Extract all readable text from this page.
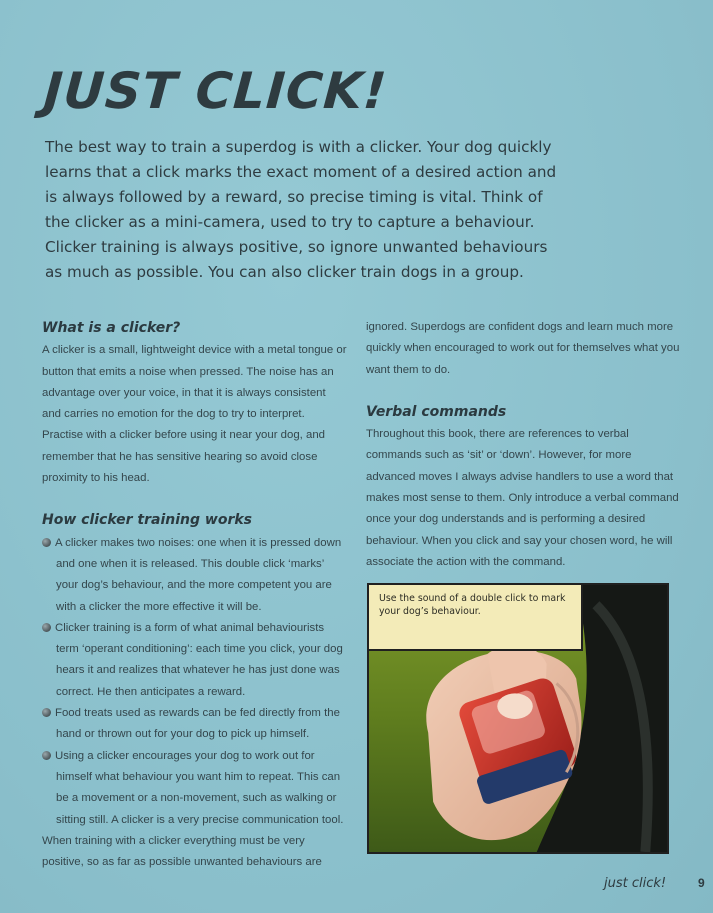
JUST CLICK!

The best way to train a superdog is with a clicker. Your dog quickly learns that a click marks the exact moment of a desired action and is always followed by a reward, so precise timing is vital. Think of the clicker as a mini-camera, used to try to capture a behaviour. Clicker training is always positive, so ignore unwanted behaviours as much as possible. You can also clicker train dogs in a group.

What is a clicker?

A clicker is a small, lightweight device with a metal tongue or button that emits a noise when pressed. The noise has an advantage over your voice, in that it is always consistent and carries no emotion for the dog to try to interpret. Practise with a clicker before using it near your dog, and remember that he has sensitive hearing so avoid close proximity to his head.

How clicker training works
A clicker makes two noises: one when it is pressed down and one when it is released. This double click ‘marks’ your dog’s behaviour, and the more competent you are with a clicker the more effective it will be.
Clicker training is a form of what animal behaviourists term ‘operant conditioning’: each time you click, your dog hears it and realizes that whatever he has just done was correct. He then anticipates a reward.
Food treats used as rewards can be fed directly from the hand or thrown out for your dog to pick up himself.
Using a clicker encourages your dog to work out for himself what behaviour you want him to repeat. This can be a movement or a non-movement, such as walking or sitting still. A clicker is a very precise communication tool.

When training with a clicker everything must be very positive, so as far as possible unwanted behaviours are

ignored. Superdogs are confident dogs and learn much more quickly when encouraged to work out for themselves what you want them to do.

Verbal commands

Throughout this book, there are references to verbal commands such as ‘sit’ or ‘down’. However, for more advanced moves I always advise handlers to use a word that makes most sense to them. Only introduce a verbal command once your dog understands and is performing a desired behaviour. When you click and say your chosen word, he will associate the action with the command.

Use the sound of a double click to mark your dog’s behaviour.
just click!	9
